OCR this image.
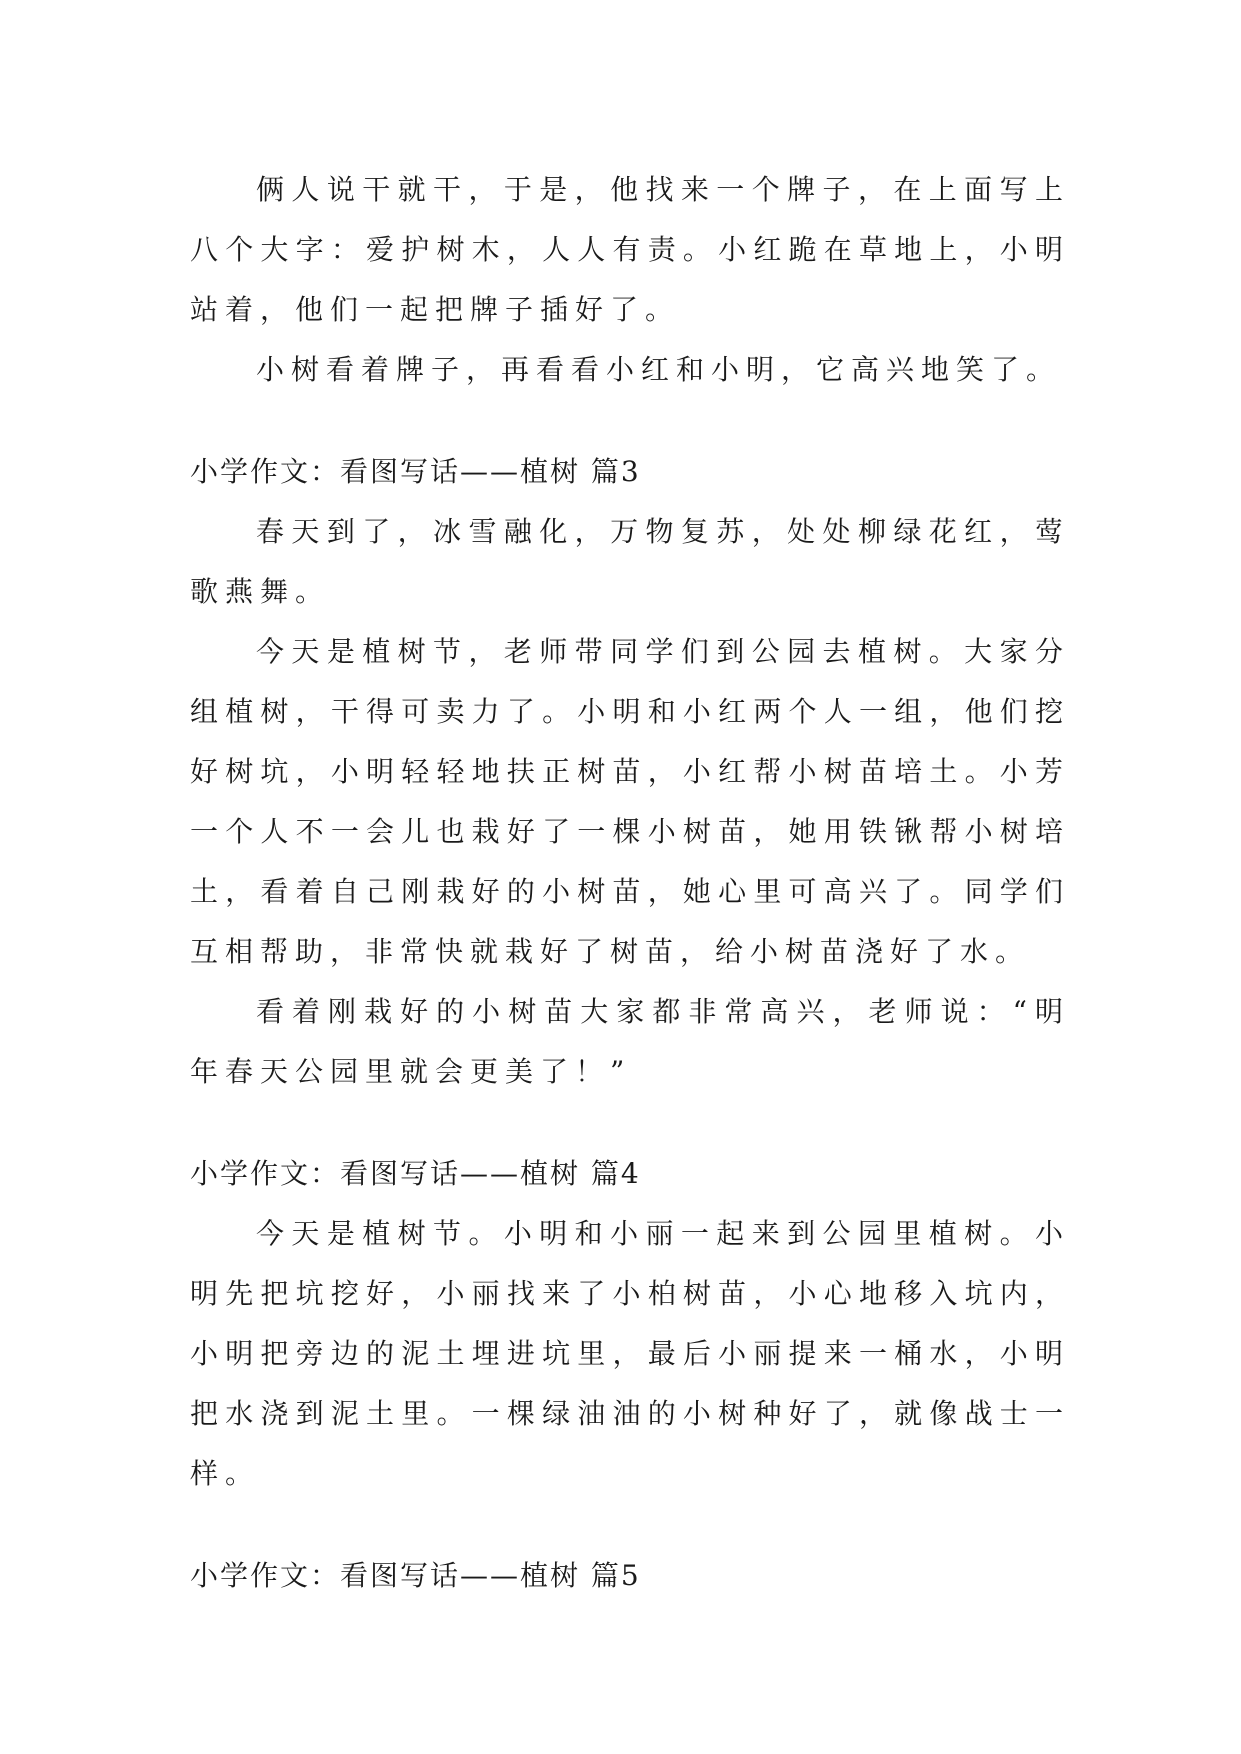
俩人说干就干，于是，他找来一个牌子，在上面写上八个大字：爱护树木，人人有责。小红跪在草地上，小明站着，他们一起把牌子插好了。

小树看着牌子，再看看小红和小明，它高兴地笑了。

小学作文：看图写话——植树 篇3

春天到了，冰雪融化，万物复苏，处处柳绿花红，莺歌燕舞。

今天是植树节，老师带同学们到公园去植树。大家分组植树，干得可卖力了。小明和小红两个人一组，他们挖好树坑，小明轻轻地扶正树苗，小红帮小树苗培土。小芳一个人不一会儿也栽好了一棵小树苗，她用铁锹帮小树培土，看着自己刚栽好的小树苗，她心里可高兴了。同学们互相帮助，非常快就栽好了树苗，给小树苗浇好了水。

看着刚栽好的小树苗大家都非常高兴，老师说：“明年春天公园里就会更美了！”

小学作文：看图写话——植树 篇4

今天是植树节。小明和小丽一起来到公园里植树。小明先把坑挖好，小丽找来了小柏树苗，小心地移入坑内，小明把旁边的泥土埋进坑里，最后小丽提来一桶水，小明把水浇到泥土里。一棵绿油油的小树种好了，就像战士一样。

小学作文：看图写话——植树 篇5
